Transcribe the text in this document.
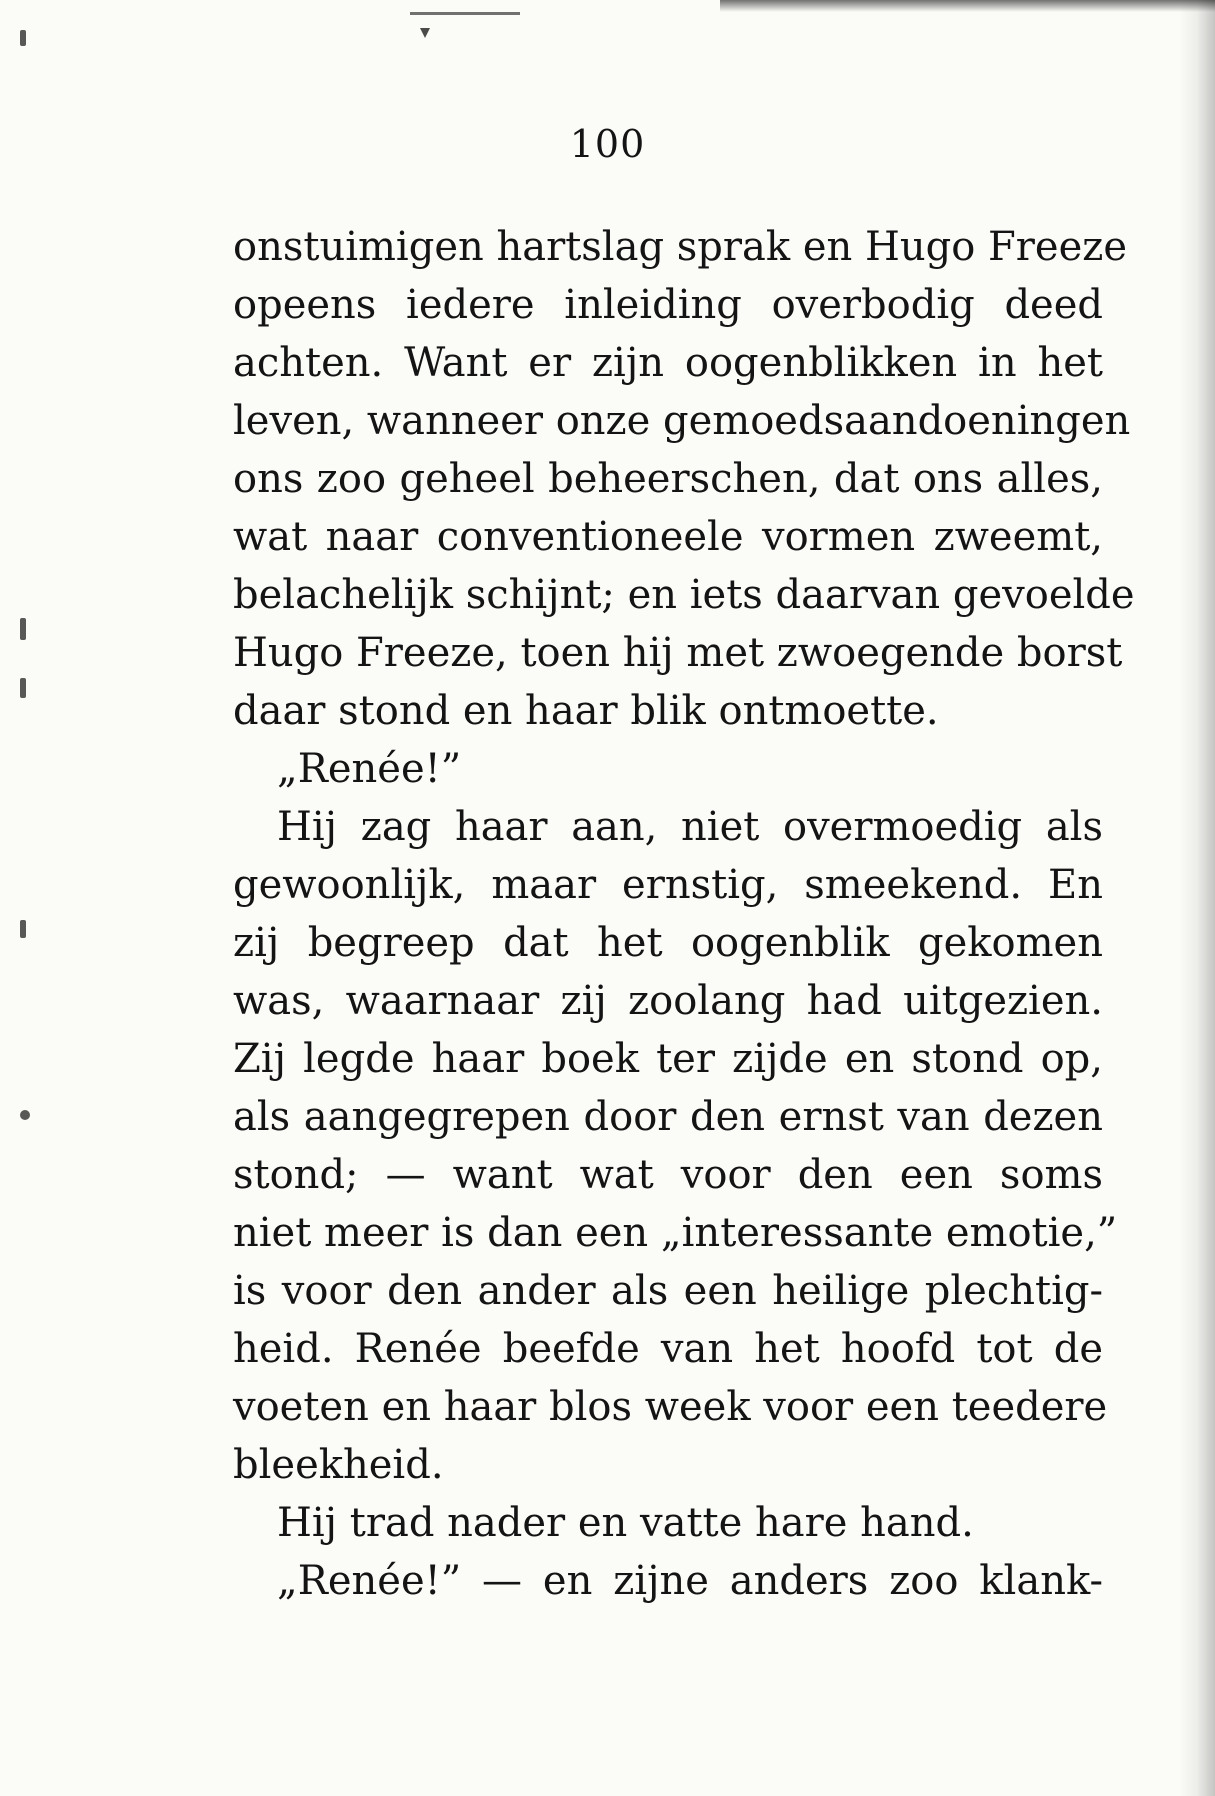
100
onstuimigen hartslag sprak en Hugo Freeze
opeens iedere inleiding overbodig deed
achten. Want er zijn oogenblikken in het
leven, wanneer onze gemoedsaandoeningen
ons zoo geheel beheerschen, dat ons alles,
wat naar conventioneele vormen zweemt,
belachelijk schijnt; en iets daarvan gevoelde
Hugo Freeze, toen hij met zwoegende borst
daar stond en haar blik ontmoette.
„Renée!”
Hij zag haar aan, niet overmoedig als
gewoonlijk, maar ernstig, smeekend. En
zij begreep dat het oogenblik gekomen
was, waarnaar zij zoolang had uitgezien.
Zij legde haar boek ter zijde en stond op,
als aangegrepen door den ernst van dezen
stond; — want wat voor den een soms
niet meer is dan een „interessante emotie,”
is voor den ander als een heilige plechtig-
heid. Renée beefde van het hoofd tot de
voeten en haar blos week voor een teedere
bleekheid.
Hij trad nader en vatte hare hand.
„Renée!” — en zijne anders zoo klank-
